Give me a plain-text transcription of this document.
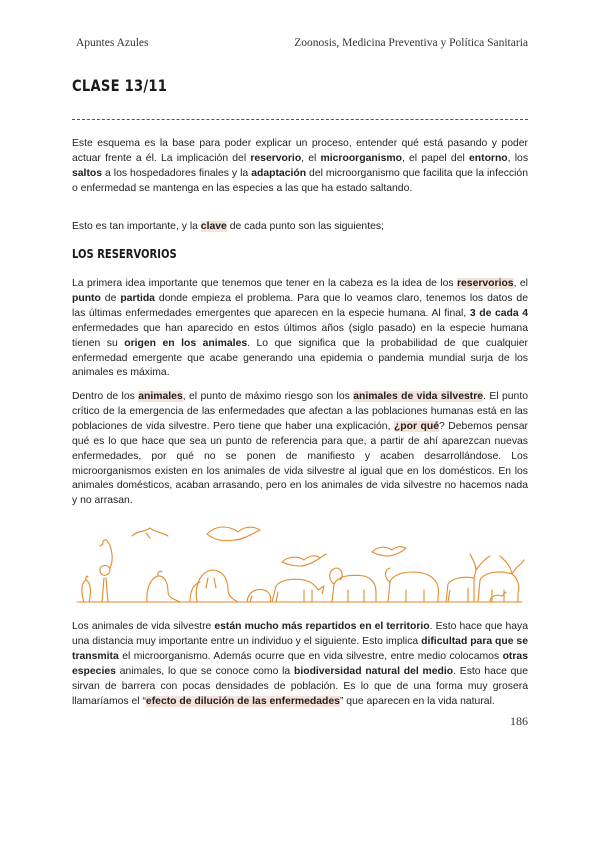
Apuntes Azules	Zoonosis, Medicina Preventiva y Política Sanitaria
CLASE 13/11

Este esquema es la base para poder explicar un proceso, entender qué está pasando y poder actuar frente a él. La implicación del reservorio, el microorganismo, el papel del entorno, los saltos a los hospedadores finales y la adaptación del microorganismo que facilita que la infección o enfermedad se mantenga en las especies a las que ha estado saltando.

Esto es tan importante, y la clave de cada punto son las siguientes;

LOS RESERVORIOS

La primera idea importante que tenemos que tener en la cabeza es la idea de los reservorios, el punto de partida donde empieza el problema. Para que lo veamos claro, tenemos los datos de las últimas enfermedades emergentes que aparecen en la especie humana. Al final, 3 de cada 4 enfermedades que han aparecido en estos últimos años (siglo pasado) en la especie humana tienen su origen en los animales. Lo que significa que la probabilidad de que cualquier enfermedad emergente que acabe generando una epidemia o pandemia mundial surja de los animales es máxima.

Dentro de los animales, el punto de máximo riesgo son los animales de vida silvestre. El punto crítico de la emergencia de las enfermedades que afectan a las poblaciones humanas está en las poblaciones de vida silvestre. Pero tiene que haber una explicación, ¿por qué? Debemos pensar qué es lo que hace que sea un punto de referencia para que, a partir de ahí aparezcan nuevas enfermedades, por qué no se ponen de manifiesto y acaben desarrollándose. Los microorganismos existen en los animales de vida silvestre al igual que en los domésticos. En los animales domésticos, acaban arrasando, pero en los animales de vida silvestre no hacemos nada y no arrasan.

Los animales de vida silvestre están mucho más repartidos en el territorio. Esto hace que haya una distancia muy importante entre un individuo y el siguiente. Esto implica dificultad para que se transmita el microorganismo. Además ocurre que en vida silvestre, entre medio colocamos otras especies animales, lo que se conoce como la biodiversidad natural del medio. Esto hace que sirvan de barrera con pocas densidades de población. Es lo que de una forma muy grosera llamaríamos el “efecto de dilución de las enfermedades” que aparecen en la vida natural.

186
